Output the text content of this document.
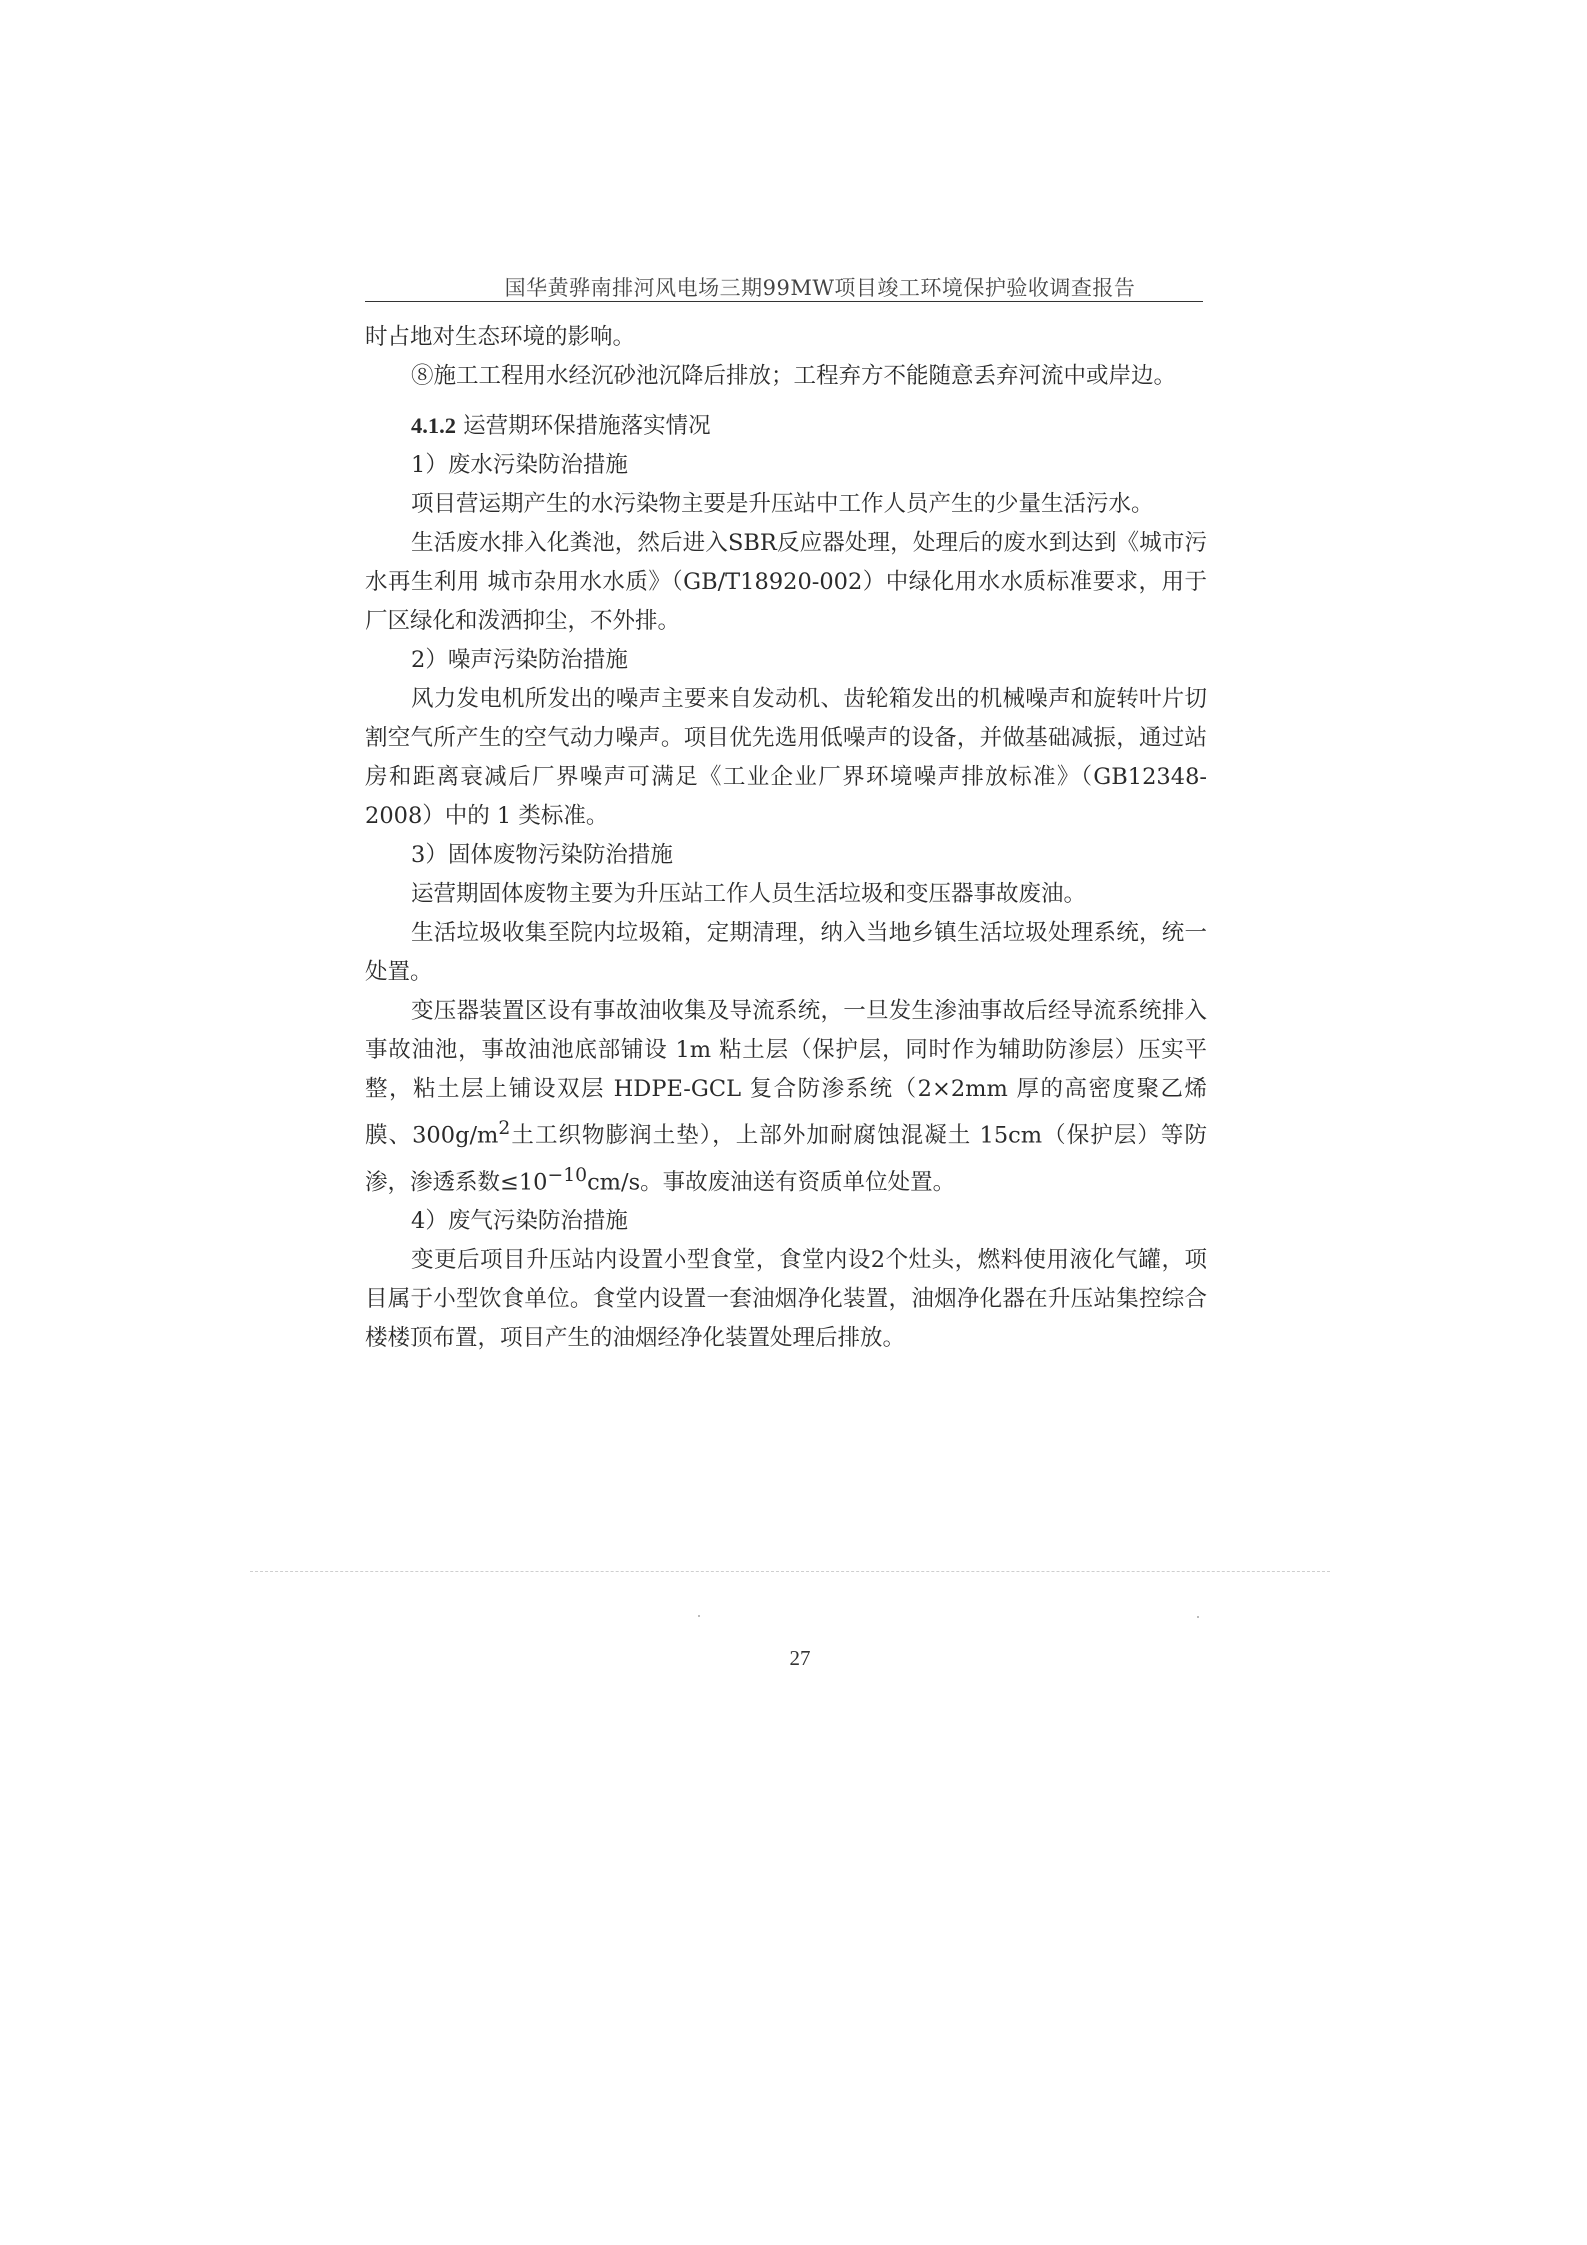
国华黄骅南排河风电场三期99MW项目竣工环境保护验收调查报告

时占地对生态环境的影响。

⑧施工工程用水经沉砂池沉降后排放；工程弃方不能随意丢弃河流中或岸边。

4.1.2 运营期环保措施落实情况

1）废水污染防治措施

项目营运期产生的水污染物主要是升压站中工作人员产生的少量生活污水。

生活废水排入化粪池，然后进入SBR反应器处理，处理后的废水到达到《城市污水再生利用 城市杂用水水质》（GB/T18920-002）中绿化用水水质标准要求，用于厂区绿化和泼洒抑尘，不外排。

2）噪声污染防治措施

风力发电机所发出的噪声主要来自发动机、齿轮箱发出的机械噪声和旋转叶片切割空气所产生的空气动力噪声。项目优先选用低噪声的设备，并做基础减振，通过站房和距离衰减后厂界噪声可满足《工业企业厂界环境噪声排放标准》（GB12348-2008）中的 1 类标准。

3）固体废物污染防治措施

运营期固体废物主要为升压站工作人员生活垃圾和变压器事故废油。

生活垃圾收集至院内垃圾箱，定期清理，纳入当地乡镇生活垃圾处理系统，统一处置。

变压器装置区设有事故油收集及导流系统，一旦发生渗油事故后经导流系统排入事故油池，事故油池底部铺设 1m 粘土层（保护层，同时作为辅助防渗层）压实平整，粘土层上铺设双层 HDPE-GCL 复合防渗系统（2×2mm 厚的高密度聚乙烯膜、$300g/m^2$土工织物膨润土垫），上部外加耐腐蚀混凝土 15cm（保护层）等防渗，渗透系数$\le 10^{-10}cm/s$。事故废油送有资质单位处置。

4）废气污染防治措施

变更后项目升压站内设置小型食堂，食堂内设2个灶头，燃料使用液化气罐，项目属于小型饮食单位。食堂内设置一套油烟净化装置，油烟净化器在升压站集控综合楼楼顶布置，项目产生的油烟经净化装置处理后排放。

27
